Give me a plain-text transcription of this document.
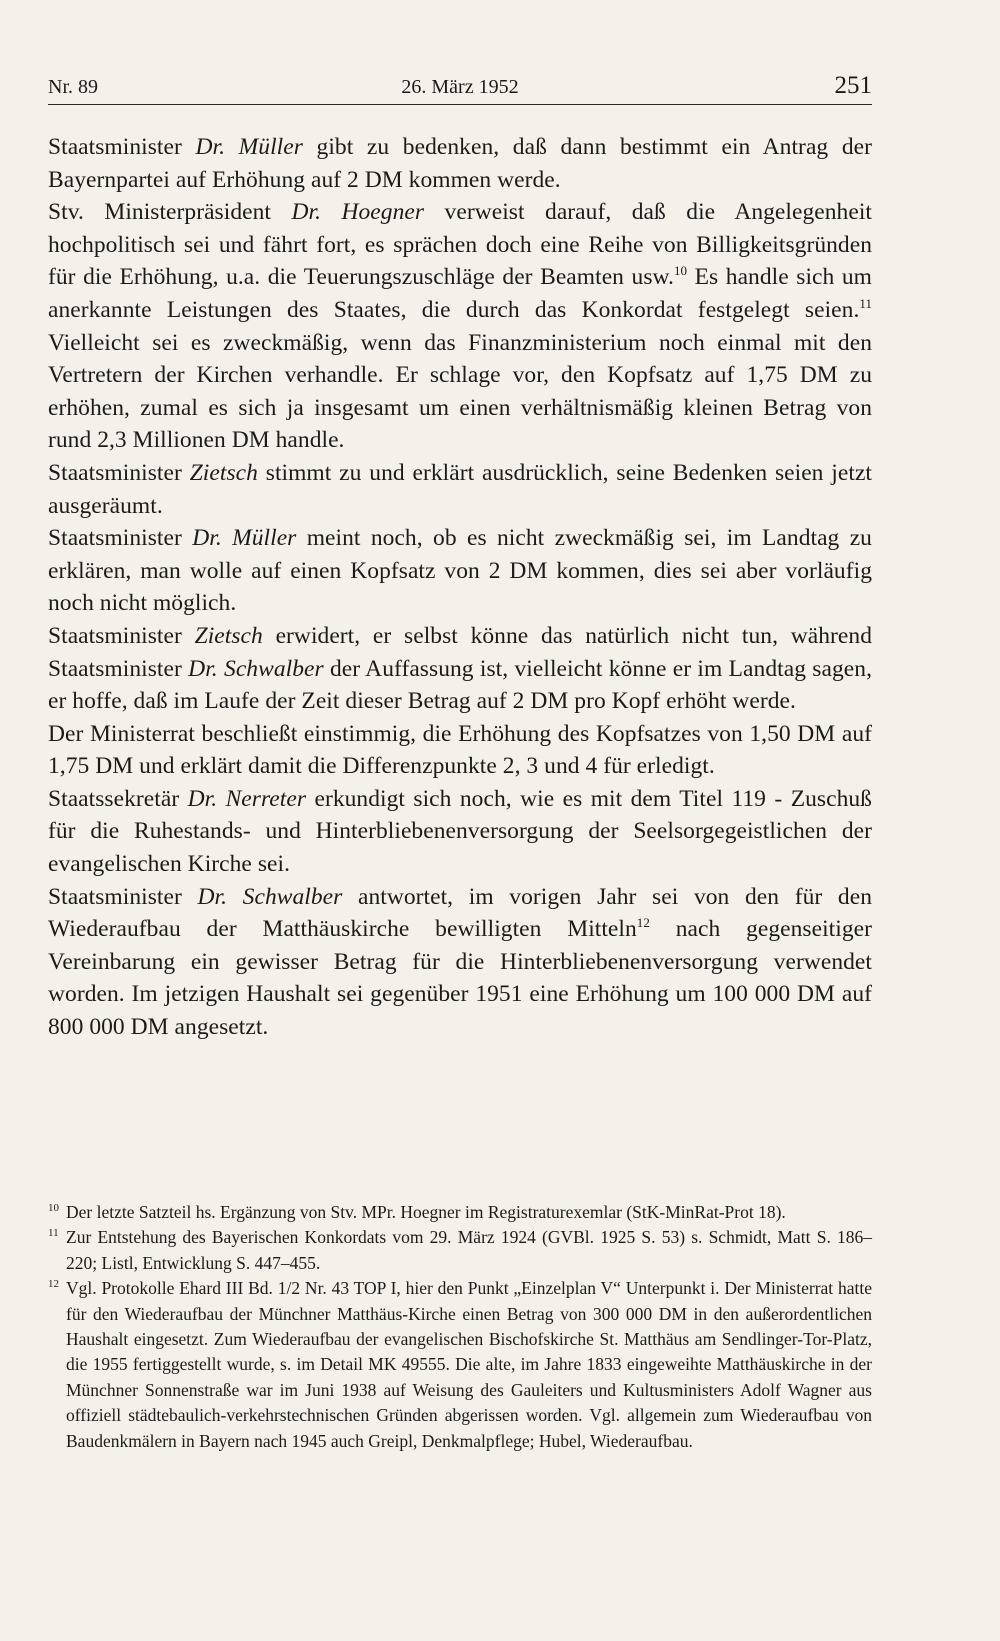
Nr. 89	26. März 1952	251

Staatsminister Dr. Müller gibt zu bedenken, daß dann bestimmt ein Antrag der Bayernpartei auf Erhöhung auf 2 DM kommen werde.

Stv. Ministerpräsident Dr. Hoegner verweist darauf, daß die Angelegenheit hochpolitisch sei und fährt fort, es sprächen doch eine Reihe von Billigkeitsgründen für die Erhöhung, u.a. die Teuerungszuschläge der Beamten usw.$^{10}$ Es handle sich um anerkannte Leistungen des Staates, die durch das Konkordat festgelegt seien.$^{11}$ Vielleicht sei es zweckmäßig, wenn das Finanzministerium noch einmal mit den Vertretern der Kirchen verhandle. Er schlage vor, den Kopfsatz auf 1,75 DM zu erhöhen, zumal es sich ja insgesamt um einen verhältnismäßig kleinen Betrag von rund 2,3 Millionen DM handle.

Staatsminister Zietsch stimmt zu und erklärt ausdrücklich, seine Bedenken seien jetzt ausgeräumt.

Staatsminister Dr. Müller meint noch, ob es nicht zweckmäßig sei, im Landtag zu erklären, man wolle auf einen Kopfsatz von 2 DM kommen, dies sei aber vorläufig noch nicht möglich.

Staatsminister Zietsch erwidert, er selbst könne das natürlich nicht tun, während Staatsminister Dr. Schwalber der Auffassung ist, vielleicht könne er im Landtag sagen, er hoffe, daß im Laufe der Zeit dieser Betrag auf 2 DM pro Kopf erhöht werde.

Der Ministerrat beschließt einstimmig, die Erhöhung des Kopfsatzes von 1,50 DM auf 1,75 DM und erklärt damit die Differenzpunkte 2, 3 und 4 für erledigt.

Staatssekretär Dr. Nerreter erkundigt sich noch, wie es mit dem Titel 119 - Zuschuß für die Ruhestands- und Hinterbliebenenversorgung der Seelsorgegeistlichen der evangelischen Kirche sei.

Staatsminister Dr. Schwalber antwortet, im vorigen Jahr sei von den für den Wiederaufbau der Matthäuskirche bewilligten Mitteln$^{12}$ nach gegenseitiger Vereinbarung ein gewisser Betrag für die Hinterbliebenenversorgung verwendet worden. Im jetzigen Haushalt sei gegenüber 1951 eine Erhöhung um 100 000 DM auf 800 000 DM angesetzt.

10 Der letzte Satzteil hs. Ergänzung von Stv. MPr. Hoegner im Registraturexemlar (StK-MinRat-Prot 18).

11 Zur Entstehung des Bayerischen Konkordats vom 29. März 1924 (GVBl. 1925 S. 53) s. Schmidt, Matt S. 186–220; Listl, Entwicklung S. 447–455.

12 Vgl. Protokolle Ehard III Bd. 1/2 Nr. 43 TOP I, hier den Punkt „Einzelplan V“ Unterpunkt i. Der Ministerrat hatte für den Wiederaufbau der Münchner Matthäus-Kirche einen Betrag von 300 000 DM in den außerordentlichen Haushalt eingesetzt. Zum Wiederaufbau der evangelischen Bischofskirche St. Matthäus am Sendlinger-Tor-Platz, die 1955 fertiggestellt wurde, s. im Detail MK 49555. Die alte, im Jahre 1833 eingeweihte Matthäuskirche in der Münchner Sonnenstraße war im Juni 1938 auf Weisung des Gauleiters und Kultusministers Adolf Wagner aus offiziell städtebaulich-verkehrstechnischen Gründen abgerissen worden. Vgl. allgemein zum Wiederaufbau von Baudenkmälern in Bayern nach 1945 auch Greipl, Denkmalpflege; Hubel, Wiederaufbau.
